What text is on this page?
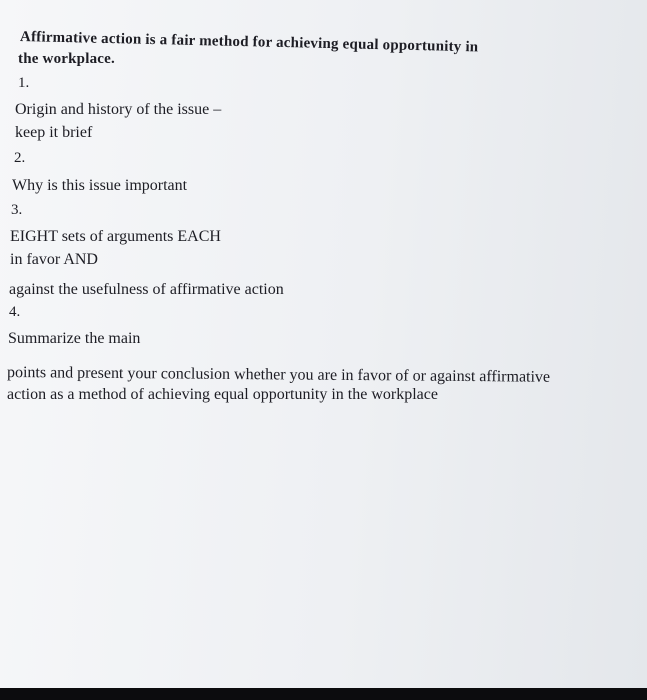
Affirmative action is a fair method for achieving equal opportunity in
the workplace.
1.
Origin and history of the issue –
keep it brief
2.
Why is this issue important
3.
EIGHT sets of arguments EACH
in favor AND
against the usefulness of affirmative action
4.
Summarize the main
points and present your conclusion whether you are in favor of or against affirmative
action as a method of achieving equal opportunity in the workplace
